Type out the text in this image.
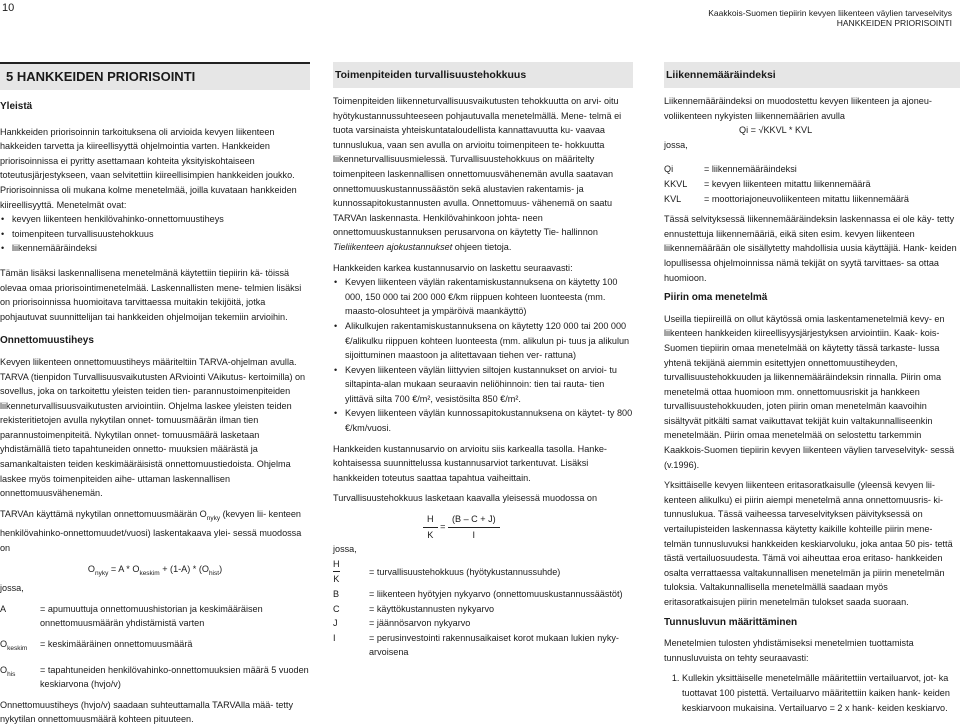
10	Kaakkois-Suomen tiepiirin kevyen liikenteen väylien tarveselvitys
HANKKEIDEN PRIORISOINTI
5 HANKKEIDEN PRIORISOINTI

Yleistä

Hankkeiden priorisoinnin tarkoituksena oli arvioida kevyen liikenteen hakkeiden tarvetta ja kiireellisyyttä ohjelmointia varten. Hankkeiden priorisoinnissa ei pyritty asettamaan kohteita yksityiskohtaiseen toteutusjärjestykseen, vaan selvitettiin kiireellisimpien hankkeiden joukko. Priorisoinnissa oli mukana kolme menetelmää, joilla kuvataan hankkeiden kiireellisyyttä. Menetelmät ovat:

• kevyen liikenteen henkilövahinko-onnettomuustiheys
• toimenpiteen turvallisuustehokkuus
• liikennemääräindeksi

Tämän lisäksi laskennallisena menetelmänä käytettiin tiepiirin kä- töissä olevaa omaa priorisointimenetelmää. Laskennallisten mene- telmien lisäksi on priorisoinnissa huomioitava tarvittaessa muitakin tekijöitä, jotka pohjautuvat suunnittelijan tai hankkeiden ohjelmoijan tekemiin arvioihin.

Onnettomuustiheys

Kevyen liikenteen onnettomuustiheys määriteltiin TARVA-ohjelman avulla. TARVA (tienpidon Turvallisuusvaikutusten ARviointi VAikutus- kertoimilla) on sovellus, joka on tarkoitettu yleisten teiden tien- parannustoimenpiteiden liikenneturvallisuusvaikutusten arviointiin. Ohjelma laskee yleisten teiden rekisteritietojen avulla nykytilan onnet- tomuusmäärän ilman tien parannustoimenpiteitä. Nykytilan onnet- tomuusmäärä lasketaan yhdistämällä tieto tapahtuneiden onnetto- muuksien määrästä ja samankaltaisten teiden keskimääräisistä onnettomuustiedoista. Ohjelma laskee myös toimenpiteiden aihe- uttaman laskennallisen onnettomuusvähenemän.

TARVAn käyttämä nykytilan onnettomuusmäärän $O_{nyky}$ (kevyen lii- kenteen henkilövahinko-onnettomuudet/vuosi) laskentakaava ylei- sessä muodossa on

$O_{nyky} = A * O_{keskim} + (1-A) * (O_{hist})$

jossa,

A	= apumuuttuja onnettomuushistorian ja keskimääräisen onnettomuusmäärän yhdistämistä varten
$O_{keskim}$	= keskimääräinen onnettomuusmäärä
$O_{his}$	= tapahtuneiden henkilövahinko-onnettomuuksien määrä 5 vuoden keskiarvona (hvjo/v)

Onnettomuustiheys (hvjo/v) saadaan suhteuttamalla TARVAlla mää- tetty nykytilan onnettomuusmäärä kohteen pituuteen.

Toimenpiteiden turvallisuustehokkuus

Toimenpiteiden liikenneturvallisuusvaikutusten tehokkuutta on arvi- oitu hyötykustannussuhteeseen pohjautuvalla menetelmällä. Mene- telmä ei tuota varsinaista yhteiskuntataloudellista kannattavuutta ku- vaavaa tunnuslukua, vaan sen avulla on arvioitu toimenpiteen te- hokkuutta liikenneturvallisuusmielessä. Turvallisuustehokkuus on määritelty toimenpiteen laskennallisen onnettomuusvähenemän avulla saatavan onnettomuuskustannussäästön sekä alustavien rakentamis- ja kunnossapitokustannusten avulla. Onnettomuus- vähenemä on saatu TARVAn laskennasta. Henkilövahinkoon johta- neen onnettomuuskustannuksen perusarvona on käytetty Tie- hallinnon Tieliikenteen ajokustannukset ohjeen tietoja.

Hankkeiden karkea kustannusarvio on laskettu seuraavasti:

• Kevyen liikenteen väylän rakentamiskustannuksena on käytetty 100 000, 150 000 tai 200 000 €/km riippuen kohteen luonteesta (mm. maasto-olosuhteet ja ympäröivä maankäyttö)
• Alikulkujen rakentamiskustannuksena on käytetty 120 000 tai 200 000 €/alikulku riippuen kohteen luonteesta (mm. alikulun pi- tuus ja alikulun sijoittuminen maastoon ja alitettavaan tiehen ver- rattuna)
• Kevyen liikenteen väylän liittyvien siltojen kustannukset on arvioi- tu siltapinta-alan mukaan seuraavin neliöhinnoin: tien tai rauta- tien ylittävä silta 700 €/m², vesistösilta 850 €/m².
• Kevyen liikenteen väylän kunnossapitokustannuksena on käytet- ty 800 €/km/vuosi.

Hankkeiden kustannusarvio on arvioitu siis karkealla tasolla. Hanke- kohtaisessa suunnittelussa kustannusarviot tarkentuvat. Lisäksi hankkeiden toteutus saattaa tapahtua vaiheittain.

Turvallisuustehokkuus lasketaan kaavalla yleisessä muodossa on

$\frac{H}{K} = \frac{(B - C + J)}{I}$

jossa,

$\frac{H}{K}$	= turvallisuustehokkuus (hyötykustannussuhde)
B	= liikenteen hyötyjen nykyarvo (onnettomuuskustannussäästöt)
C	= käyttökustannusten nykyarvo
J	= jäännösarvon nykyarvo
I	= perusinvestointi rakennusaikaiset korot mukaan lukien nyky- arvoisena
Liikennemääräindeksi

Liikennemääräindeksi on muodostettu kevyen liikenteen ja ajoneu- voliikenteen nykyisten liikennemäärien avulla

Qi = √KKVL * KVL

jossa,

Qi	= liikennemääräindeksi
KKVL	= kevyen liikenteen mitattu liikennemäärä
KVL	= moottoriajoneuvoliikenteen mitattu liikennemäärä

Tässä selvityksessä liikennemääräindeksin laskennassa ei ole käy- tetty ennustettuja liikennemääriä, eikä siten esim. kevyen liikenteen liikennemäärään ole sisällytetty mahdollisia uusia käyttäjiä. Hank- keiden lopullisessa ohjelmoinnissa nämä tekijät on syytä tarvittaes- sa ottaa huomioon.

Piirin oma menetelmä

Useilla tiepiireillä on ollut käytössä omia laskentamenetelmiä kevy- en liikenteen hankkeiden kiireellisyysjärjestyksen arviointiin. Kaak- kois-Suomen tiepiirin omaa menetelmää on käytetty tässä tarkaste- lussa yhtenä tekijänä aiemmin esitettyjen onnettomuustiheyden, turvallisuustehokkuuden ja liikennemääräindeksin rinnalla. Piirin oma menetelmä ottaa huomioon mm. onnettomuusriskit ja hankkeen turvallisuustehokkuuden, joten piirin oman menetelmän kaavoihin sisältyvät pitkälti samat vaikuttavat tekijät kuin valtakunnalliseenkin menetelmään. Piirin omaa menetelmää on selostettu tarkemmin Kaakkois-Suomen tiepiirin kevyen liikenteen väylien tarveselvityk- sessä (v.1996).

Yksittäiselle kevyen liikenteen eritasoratkaisulle (yleensä kevyen lii- kenteen alikulku) ei piirin aiempi menetelmä anna onnettomuusris- ki-tunnuslukua. Tässä vaiheessa tarveselvityksen päivityksessä on vertailupisteiden laskennassa käytetty kaikille kohteille piirin mene- telmän tunnusluvuksi hankkeiden keskiarvoluku, joka antaa 50 pis- tettä tästä vertailuosuudesta. Tämä voi aiheuttaa eroa eritaso- hankkeiden osalta verrattaessa valtakunnallisen menetelmän ja piirin menetelmän tuloksia. Valtakunnallisella menetelmällä saadaan myös eritasoratkaisujen piirin menetelmän tulokset saada suoraan.

Tunnusluvun määrittäminen

Menetelmien tulosten yhdistämiseksi menetelmien tuottamista tunnusluvuista on tehty seuraavasti:

1. Kullekin yksittäiselle menetelmälle määritettiin vertailuarvot, jot- ka tuottavat 100 pistettä. Vertailuarvo määritettiin kaiken hank- keiden keskiarvoon mukaisina. Vertailuarvo = 2 x hank- keiden keskiarvo.
